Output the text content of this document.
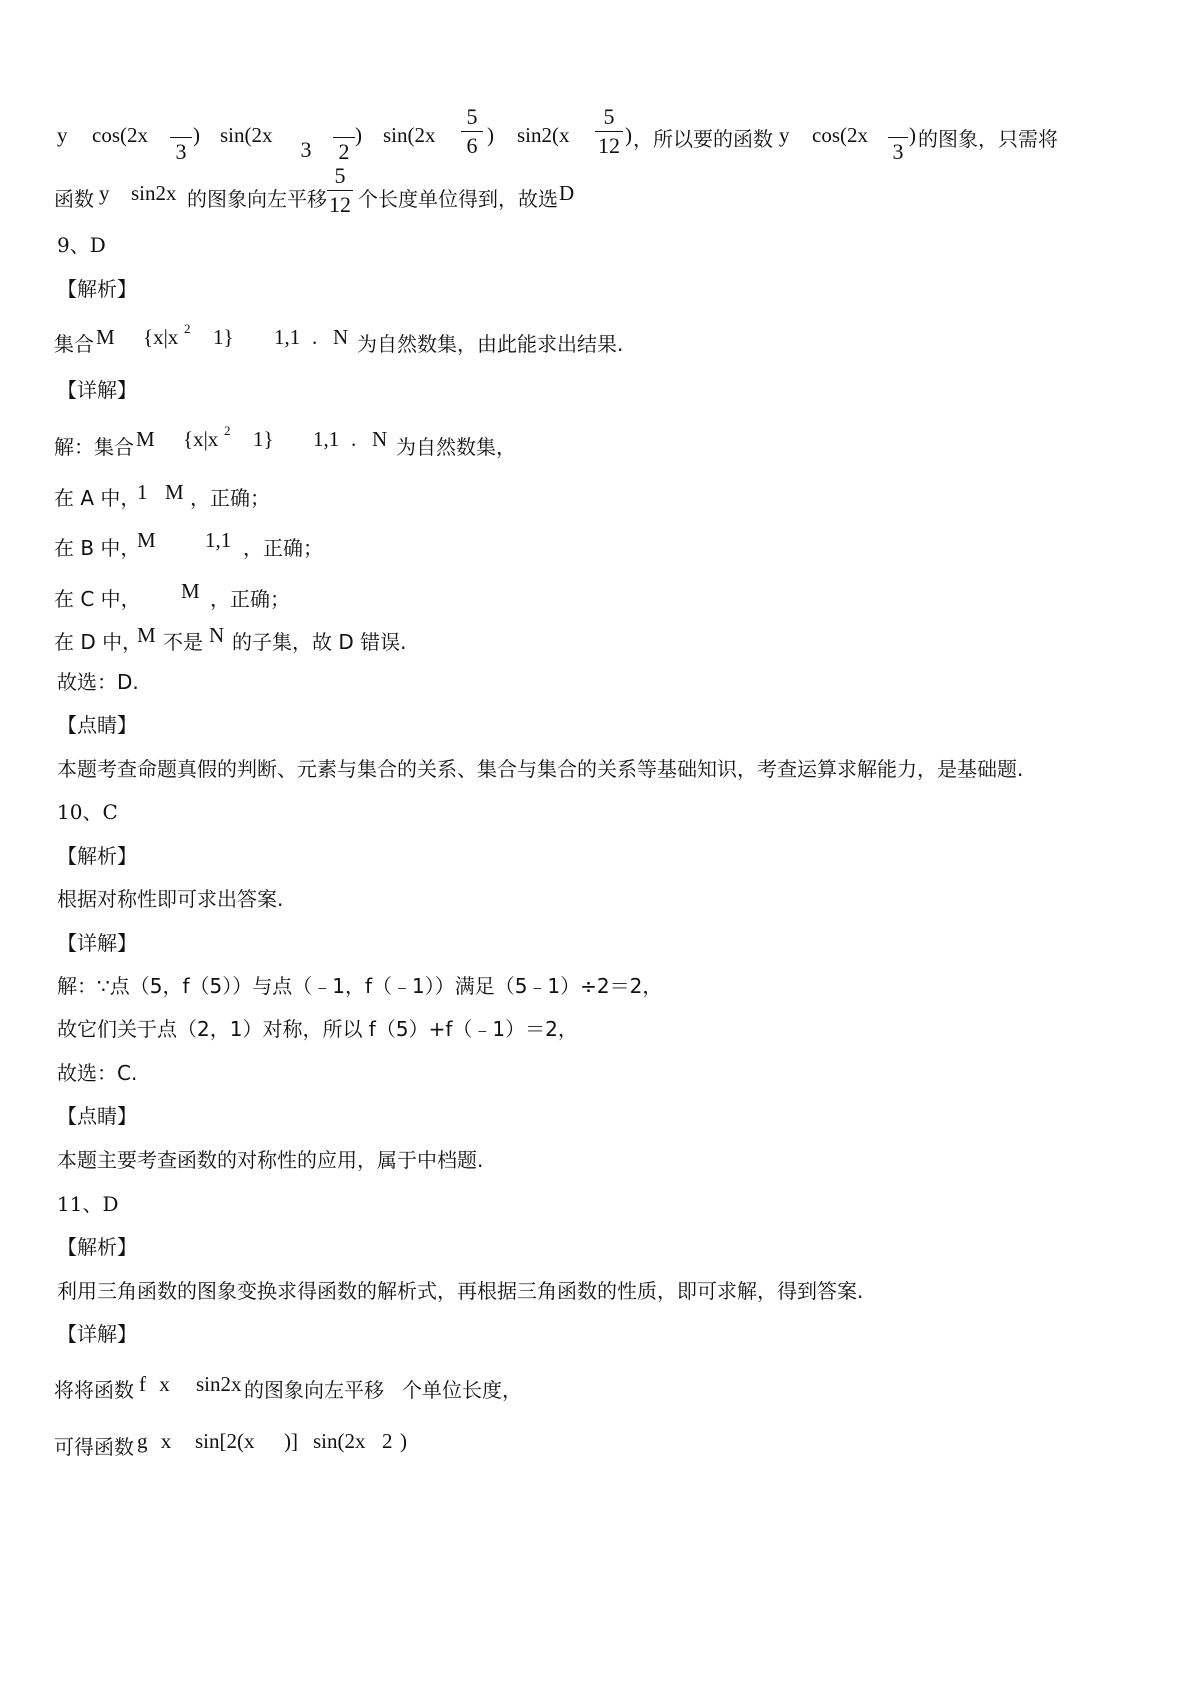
y cos(2x

3
) sin(2x

3
2
) sin(2x
5
6 ) sin2(x
5
12 ) ，所以要的函数 y cos(2x

3
) 的图象，只需将
函数 y sin2x 的图象向左平移
5
12 个长度单位得到，故选 D
9、D
【解析】
集合 M {x|x 2 1} 1,1 . N 为自然数集，由此能求出结果.
【详解】
解：集合 M {x|x 2 1} 1,1 . N 为自然数集，
在 A 中，
1 M ，正确；
在 B 中，
M 1,1 ，正确；
在 C 中， M ，正确；
在 D 中，
M 不是 N 的子集，故 D 错误.
故选：D.
【点睛】
本题考查命题真假的判断、元素与集合的关系、集合与集合的关系等基础知识，考查运算求解能力，是基础题.
10、C
【解析】
根据对称性即可求出答案.
【详解】
解：∵点（5，f（5））与点（﹣1，f（﹣1））满足（5﹣1）÷2＝2，
故它们关于点（2，1）对称，所以 f（5）+f（﹣1）＝2，
故选：C.
【点睛】
本题主要考查函数的对称性的应用，属于中档题.
11、D
【解析】
利用三角函数的图象变换求得函数的解析式，再根据三角函数的性质，即可求解，得到答案.
【详解】
将将函数 f x sin2x 的图象向左平移 个单位长度，
可得函数 g x sin[2(x )] sin(2x 2 )
